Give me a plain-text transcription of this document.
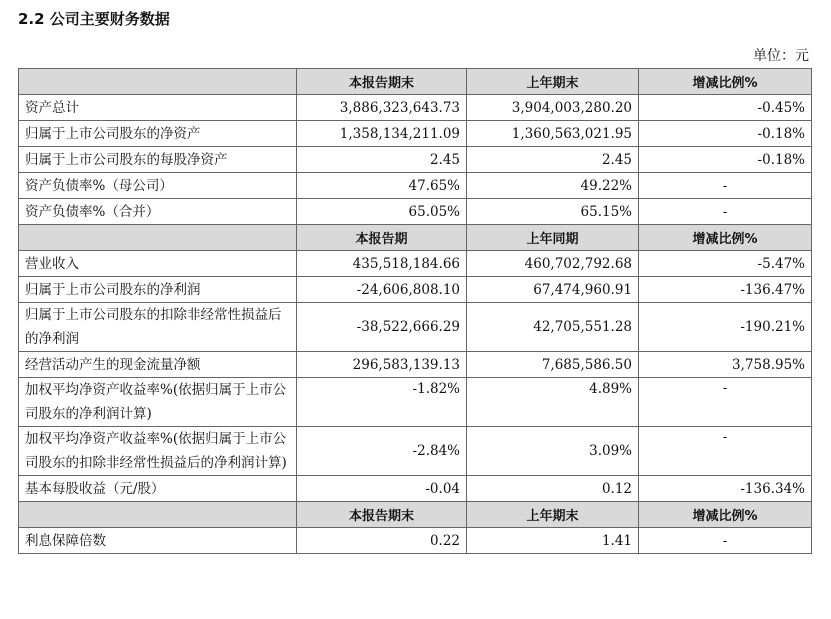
2.2 公司主要财务数据
单位：元
	本报告期末	上年期末	增减比例%
资产总计	3,886,323,643.73	3,904,003,280.20	-0.45%
归属于上市公司股东的净资产	1,358,134,211.09	1,360,563,021.95	-0.18%
归属于上市公司股东的每股净资产	2.45	2.45	-0.18%
资产负债率%（母公司）	47.65%	49.22%	-
资产负债率%（合并）	65.05%	65.15%	-
	本报告期	上年同期	增减比例%
营业收入	435,518,184.66	460,702,792.68	-5.47%
归属于上市公司股东的净利润	-24,606,808.10	67,474,960.91	-136.47%
归属于上市公司股东的扣除非经常性损益后的净利润	-38,522,666.29	42,705,551.28	-190.21%
经营活动产生的现金流量净额	296,583,139.13	7,685,586.50	3,758.95%
加权平均净资产收益率%(依据归属于上市公司股东的净利润计算)	-1.82%	4.89%	-
加权平均净资产收益率%(依据归属于上市公司股东的扣除非经常性损益后的净利润计算)	-2.84%	3.09%	-
基本每股收益（元/股）	-0.04	0.12	-136.34%
	本报告期末	上年期末	增减比例%
利息保障倍数	0.22	1.41	-
